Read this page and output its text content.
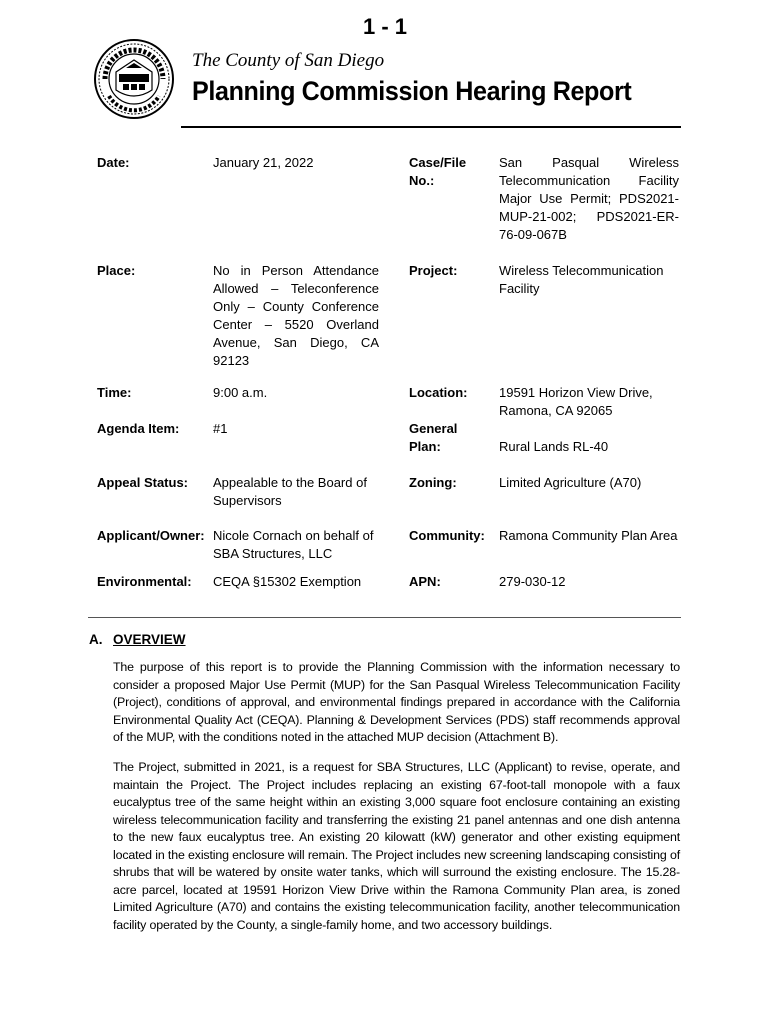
1 - 1
The County of San Diego
Planning Commission Hearing Report
Date:	January 21, 2022	Case/File No.:
San Pasqual Wireless Telecommunication Facility Major Use Permit; PDS2021-MUP-21-002; PDS2021-ER-76-09-067B
Place:	No in Person Attendance Allowed – Teleconference Only – County Conference Center – 5520 Overland Avenue, San Diego, CA 92123
Project:	Wireless Telecommunication Facility
Time:	9:00 a.m.	Location: 19591 Horizon View Drive, Ramona, CA 92065
Agenda Item:	#1	General Plan:	Rural Lands RL-40
Appeal Status: Appealable to the Board of Supervisors
Zoning:	Limited Agriculture (A70)
Applicant/Owner: Nicole Cornach on behalf of SBA Structures, LLC
Community: Ramona Community Plan Area
Environmental: CEQA §15302 Exemption	APN:	279-030-12
A. OVERVIEW

The purpose of this report is to provide the Planning Commission with the information necessary to consider a proposed Major Use Permit (MUP) for the San Pasqual Wireless Telecommunication Facility (Project), conditions of approval, and environmental findings prepared in accordance with the California Environmental Quality Act (CEQA). Planning & Development Services (PDS) staff recommends approval of the MUP, with the conditions noted in the attached MUP decision (Attachment B).

The Project, submitted in 2021, is a request for SBA Structures, LLC (Applicant) to revise, operate, and maintain the Project. The Project includes replacing an existing 67-foot-tall monopole with a faux eucalyptus tree of the same height within an existing 3,000 square foot enclosure containing an existing wireless telecommunication facility and transferring the existing 21 panel antennas and one dish antenna to the new faux eucalyptus tree. An existing 20 kilowatt (kW) generator and other existing equipment located in the existing enclosure will remain. The Project includes new screening landscaping consisting of shrubs that will be watered by onsite water tanks, which will surround the existing enclosure. The 15.28-acre parcel, located at 19591 Horizon View Drive within the Ramona Community Plan area, is zoned Limited Agriculture (A70) and contains the existing telecommunication facility, another telecommunication facility operated by the County, a single-family home, and two accessory buildings.
